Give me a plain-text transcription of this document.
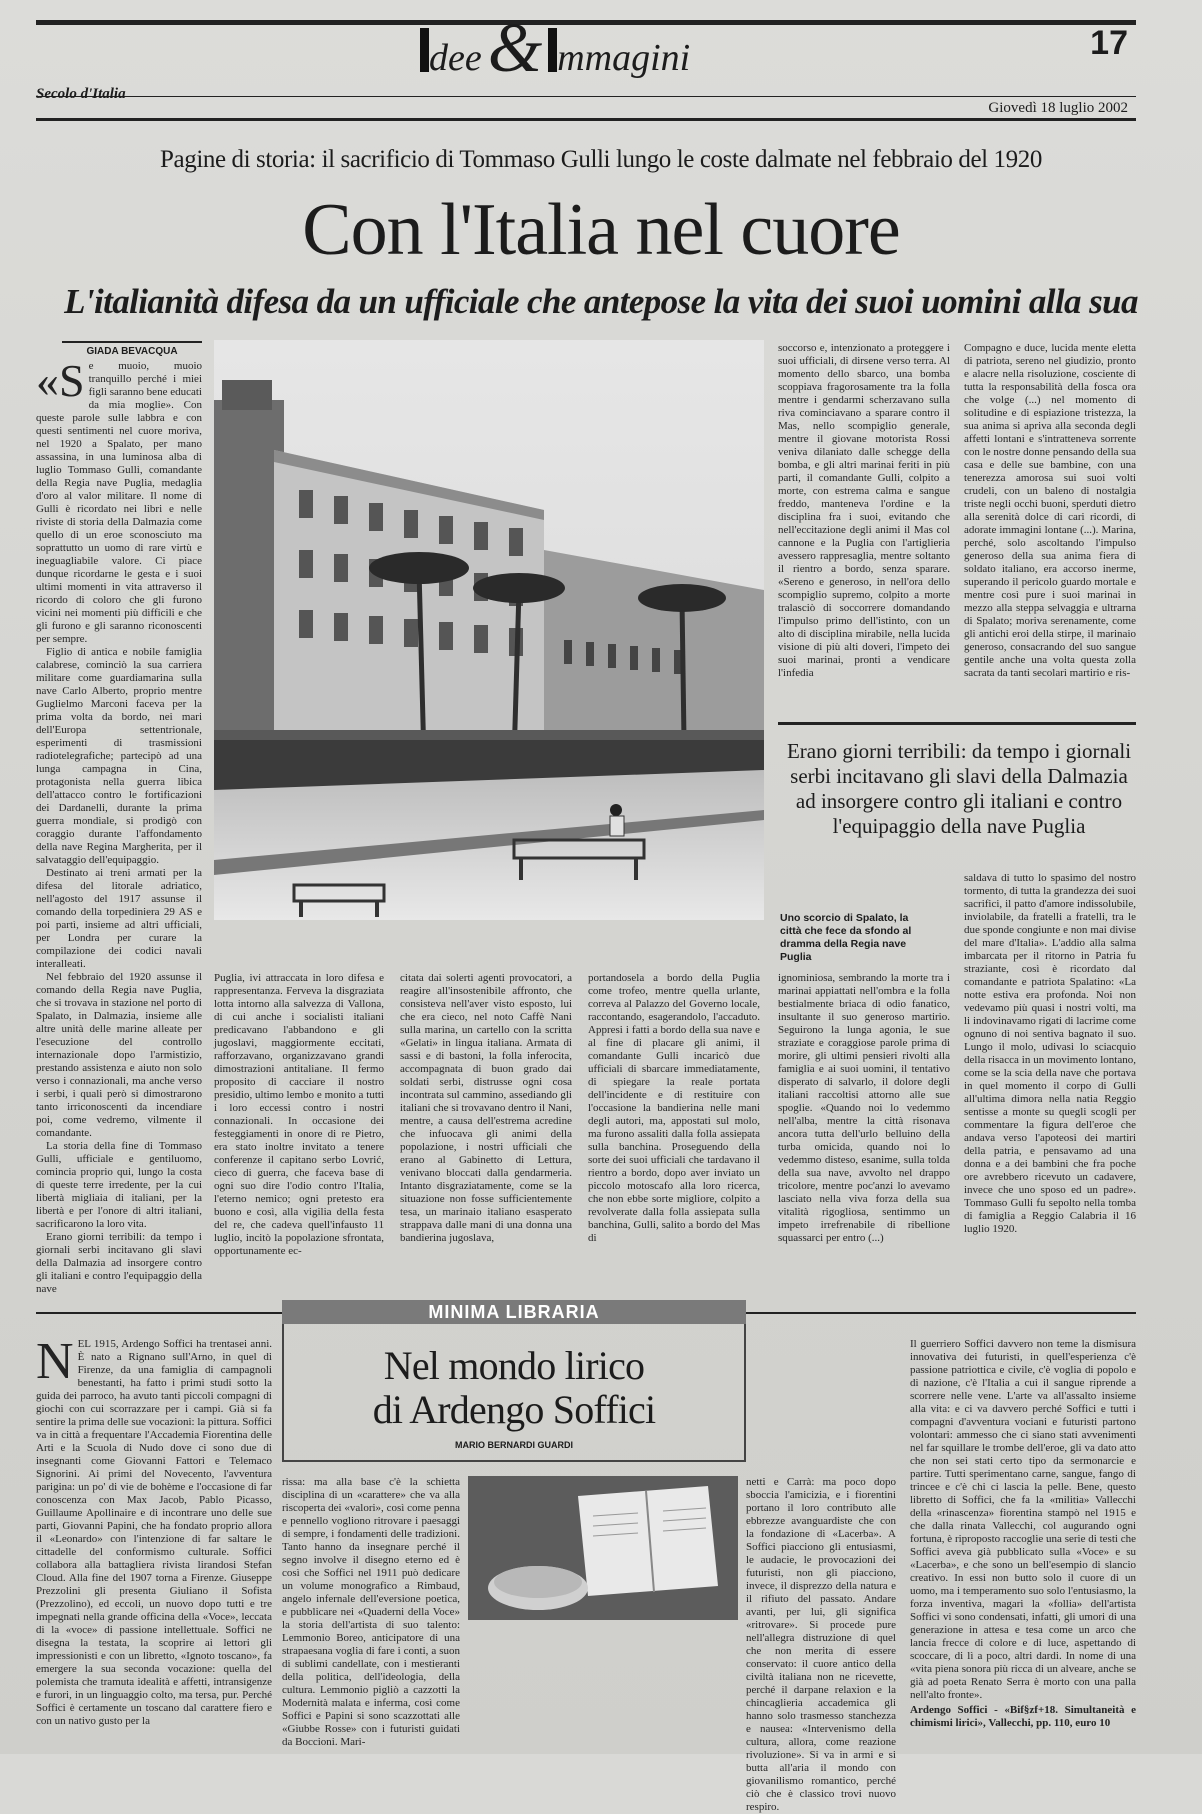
Secolo d'Italia
dee & mmagini	17
Giovedì 18 luglio 2002
Pagine di storia: il sacrificio di Tommaso Gulli lungo le coste dalmate nel febbraio del 1920
Con l'Italia nel cuore
L'italianità difesa da un ufficiale che antepose la vita dei suoi uomini alla sua
GIADA BEVACQUA
«S e muoio, muoio tranquillo perché i miei figli saranno bene educati da mia moglie». Con queste parole sulle labbra e con questi sentimenti nel cuore moriva, nel 1920 a Spalato, per mano assassina, in una luminosa alba di luglio Tommaso Gulli, comandante della Regia nave Puglia, medaglia d'oro al valor militare. Il nome di Gulli è ricordato nei libri e nelle riviste di storia della Dalmazia come quello di un eroe sconosciuto ma soprattutto un uomo di rare virtù e ineguagliabile valore. Ci piace dunque ricordarne le gesta e i suoi ultimi momenti in vita attraverso il ricordo di coloro che gli furono vicini nei momenti più difficili e che gli furono e gli saranno riconoscenti per sempre.

Figlio di antica e nobile famiglia calabrese, cominciò la sua carriera militare come guardiamarina sulla nave Carlo Alberto, proprio mentre Guglielmo Marconi faceva per la prima volta da bordo, nei mari dell'Europa settentrionale, esperimenti di trasmissioni radiotelegrafiche; partecipò ad una lunga campagna in Cina, protagonista nella guerra libica dell'attacco contro le fortificazioni dei Dardanelli, durante la prima guerra mondiale, si prodigò con coraggio durante l'affondamento della nave Regina Margherita, per il salvataggio dell'equipaggio.

Destinato ai treni armati per la difesa del litorale adriatico, nell'agosto del 1917 assunse il comando della torpediniera 29 AS e poi partì, insieme ad altri ufficiali, per Londra per curare la compilazione dei codici navali interalleati.

Nel febbraio del 1920 assunse il comando della Regia nave Puglia, che si trovava in stazione nel porto di Spalato, in Dalmazia, insieme alle altre unità delle marine alleate per l'esecuzione del controllo internazionale dopo l'armistizio, prestando assistenza e aiuto non solo verso i connazionali, ma anche verso i serbi, i quali però si dimostrarono tanto irriconoscenti da incendiare poi, come vedremo, vilmente il comandante.

La storia della fine di Tommaso Gulli, ufficiale e gentiluomo, comincia proprio qui, lungo la costa di queste terre irredente, per la cui libertà migliaia di italiani, per la libertà e per l'onore di altri italiani, sacrificarono la loro vita.

Erano giorni terribili: da tempo i giornali serbi incitavano gli slavi della Dalmazia ad insorgere contro gli italiani e contro l'equipaggio della nave

soccorso e, intenzionato a proteggere i suoi ufficiali, di dirsene verso terra. Al momento dello sbarco, una bomba scoppiava fragorosamente tra la folla mentre i gendarmi scherzavano sulla riva cominciavano a sparare contro il Mas, nello scompiglio generale, mentre il giovane motorista Rossi veniva dilaniato dalle schegge della bomba, e gli altri marinai feriti in più parti, il comandante Gulli, colpito a morte, con estrema calma e sangue freddo, manteneva l'ordine e la disciplina fra i suoi, evitando che nell'eccitazione degli animi il Mas col cannone e la Puglia con l'artiglieria avessero rappresaglia, mentre soltanto il rientro a bordo, senza sparare. «Sereno e generoso, in nell'ora dello scompiglio supremo, colpito a morte tralasciò di soccorrere domandando l'impulso primo dell'istinto, con un alto di disciplina mirabile, nella lucida visione di più alti doveri, l'impeto dei suoi marinai, pronti a vendicare l'infedia

Compagno e duce, lucida mente eletta di patriota, sereno nel giudizio, pronto e alacre nella risoluzione, cosciente di tutta la responsabilità della fosca ora che volge (...) nel momento di solitudine e di espiazione tristezza, la sua anima si apriva alla seconda degli affetti lontani e s'intratteneva sorrente con le nostre donne pensando della sua casa e delle sue bambine, con una tenerezza amorosa sui suoi volti crudeli, con un baleno di nostalgia triste negli occhi buoni, sperduti dietro alla serenità dolce di cari ricordi, di adorate immagini lontane (...). Marina, perché, solo ascoltando l'impulso generoso della sua anima fiera di soldato italiano, era accorso inerme, superando il pericolo guardo mortale e mentre così pure i suoi marinai in mezzo alla steppa selvaggia e ultrarna di Spalato; moriva serenamente, come gli antichi eroi della stirpe, il marinaio generoso, consacrando del suo sangue gentile anche una volta questa zolla sacrata da tanti secolari martirio e ris-

Erano giorni terribili: da tempo i giornali serbi incitavano gli slavi della Dalmazia ad insorgere contro gli italiani e contro l'equipaggio della nave Puglia
Uno scorcio di Spalato, la città che fece da sfondo al dramma della Regia nave Puglia

saldava di tutto lo spasimo del nostro tormento, di tutta la grandezza dei suoi sacrifici, il patto d'amore indissolubile, inviolabile, da fratelli a fratelli, tra le due sponde congiunte e non mai divise del mare d'Italia». L'addio alla salma imbarcata per il ritorno in Patria fu straziante, così è ricordato dal comandante e patriota Spalatino: «La notte estiva era profonda. Noi non vedevamo più quasi i nostri volti, ma li indovinavamo rigati di lacrime come ognuno di noi sentiva bagnato il suo. Lungo il molo, udivasi lo sciacquio della risacca in un movimento lontano, come se la scia della nave che portava in quel momento il corpo di Gulli all'ultima dimora nella natia Reggio sentisse a monte su quegli scogli per commentare la figura dell'eroe che andava verso l'apoteosi dei martiri della patria, e pensavamo ad una donna e a dei bambini che fra poche ore avrebbero ricevuto un cadavere, invece che uno sposo ed un padre». Tommaso Gulli fu sepolto nella tomba di famiglia a Reggio Calabria il 16 luglio 1920.

Puglia, ivi attraccata in loro difesa e rappresentanza. Ferveva la disgraziata lotta intorno alla salvezza di Vallona, di cui anche i socialisti italiani predicavano l'abbandono e gli jugoslavi, maggiormente eccitati, rafforzavano, organizzavano grandi dimostrazioni antitaliane. Il fermo proposito di cacciare il nostro presidio, ultimo lembo e monito a tutti i loro eccessi contro i nostri connazionali. In occasione dei festeggiamenti in onore di re Pietro, era stato inoltre invitato a tenere conferenze il capitano serbo Lovrić, cieco di guerra, che faceva base di ogni suo dire l'odio contro l'Italia, l'eterno nemico; ogni pretesto era buono e così, alla vigilia della festa del re, che cadeva quell'infausto 11 luglio, incitò la popolazione sfrontata, opportunamente ec-

citata dai solerti agenti provocatori, a reagire all'insostenibile affronto, che consisteva nell'aver visto esposto, lui che era cieco, nel noto Caffè Nani sulla marina, un cartello con la scritta «Gelati» in lingua italiana. Armata di sassi e di bastoni, la folla inferocita, accompagnata di buon grado dai soldati serbi, distrusse ogni cosa incontrata sul cammino, assediando gli italiani che si trovavano dentro il Nani, mentre, a causa dell'estrema acredine che infuocava gli animi della popolazione, i nostri ufficiali che erano al Gabinetto di Lettura, venivano bloccati dalla gendarmeria. Intanto disgraziatamente, come se la situazione non fosse sufficientemente tesa, un marinaio italiano esasperato strappava dalle mani di una donna una bandierina jugoslava,

portandosela a bordo della Puglia come trofeo, mentre quella urlante, correva al Palazzo del Governo locale, raccontando, esagerandolo, l'accaduto. Appresi i fatti a bordo della sua nave e al fine di placare gli animi, il comandante Gulli incaricò due ufficiali di sbarcare immediatamente, di spiegare la reale portata dell'incidente e di restituire con l'occasione la bandierina nelle mani degli autori, ma, appostati sul molo, ma furono assaliti dalla folla assiepata sulla banchina. Proseguendo della sorte dei suoi ufficiali che tardavano il rientro a bordo, dopo aver inviato un piccolo motoscafo alla loro ricerca, che non ebbe sorte migliore, colpito a revolverate dalla folla assiepata sulla banchina, Gulli, salito a bordo del Mas di

ignominiosa, sembrando la morte tra i marinai appiattati nell'ombra e la folla bestialmente briaca di odio fanatico, insultante il suo generoso martirio. Seguirono la lunga agonia, le sue straziate e coraggiose parole prima di morire, gli ultimi pensieri rivolti alla famiglia e ai suoi uomini, il tentativo disperato di salvarlo, il dolore degli italiani raccoltisi attorno alle sue spoglie. «Quando noi lo vedemmo nell'alba, mentre la città risonava ancora tutta dell'urlo belluino della turba omicida, quando noi lo vedemmo disteso, esanime, sulla tolda della sua nave, avvolto nel drappo tricolore, mentre poc'anzi lo avevamo lasciato nella viva forza della sua vitalità rigogliosa, sentimmo un impeto irrefrenabile di ribellione squassarci per entro (...)

MINIMA LIBRARIA
Nel mondo lirico
di Ardengo Soffici
MARIO BERNARDI GUARDI
N EL 1915, Ardengo Soffici ha trentasei anni. È nato a Rignano sull'Arno, in quel di Firenze, da una famiglia di campagnoli benestanti, ha fatto i primi studi sotto la guida dei parroco, ha avuto tanti piccoli compagni di giochi con cui scorrazzare per i campi. Già si fa sentire la prima delle sue vocazioni: la pittura. Soffici va in città a frequentare l'Accademia Fiorentina delle Arti e la Scuola di Nudo dove ci sono due di insegnanti come Giovanni Fattori e Telemaco Signorini. Ai primi del Novecento, l'avventura parigina: un po' di vie de bohème e l'occasione di far conoscenza con Max Jacob, Pablo Picasso, Guillaume Apollinaire e di incontrare uno delle sue parti, Giovanni Papini, che ha fondato proprio allora il «Leonardo» con l'intenzione di far saltare le cittadelle del conformismo culturale. Soffici collabora alla battagliera rivista lirandosi Stefan Cloud. Alla fine del 1907 torna a Firenze. Giuseppe Prezzolini gli presenta Giuliano il Sofista (Prezzolino), ed eccoli, un nuovo dopo tutti e tre impegnati nella grande officina della «Voce», leccata di la «voce» di passione intellettuale. Soffici ne disegna la testata, la scoprire ai lettori gli impressionisti e con un libretto, «Ignoto toscano», fa emergere la sua seconda vocazione: quella del polemista che tramuta idealità e affetti, intransigenze e furori, in un linguaggio colto, ma tersa, pur. Perché Soffici è certamente un toscano dal carattere fiero e con un nativo gusto per la

rissa: ma alla base c'è la schietta disciplina di un «carattere» che va alla riscoperta dei «valori», così come penna e pennello vogliono ritrovare i paesaggi di sempre, i fondamenti delle tradizioni. Tanto hanno da insegnare perché il segno involve il disegno eterno ed è così che Soffici nel 1911 può dedicare un volume monografico a Rimbaud, angelo infernale dell'eversione poetica, e pubblicare nei «Quaderni della Voce» la storia dell'artista di suo talento: Lemmonio Boreo, anticipatore di una strapaesana voglia di fare i conti, a suon di sublimi candellate, con i mestieranti della politica, dell'ideologia, della cultura. Lemmonio pigliò a cazzotti la Modernità malata e inferma, così come Soffici e Papini si sono scazzottati alle «Giubbe Rosse» con i futuristi guidati da Boccioni. Mari-

netti e Carrà: ma poco dopo sboccia l'amicizia, e i fiorentini portano il loro contributo alle ebbrezze avanguardiste che con la fondazione di «Lacerba». A Soffici piacciono gli entusiasmi, le audacie, le provocazioni dei futuristi, non gli piacciono, invece, il disprezzo della natura e il rifiuto del passato. Andare avanti, per lui, gli significa «ritrovare». Si procede pure nell'allegra distruzione di quel che non merita di essere conservato: il cuore antico della civiltà italiana non ne ricevette, perché il darpane relaxion e la chincaglieria accademica gli hanno solo trasmesso stanchezza e nausea: «Intervenismo della cultura, allora, come reazione rivoluzione». Si va in armi e si butta all'aria il mondo con giovanilismo romantico, perché ciò che è classico trovi nuovo respiro.

Il guerriero Soffici davvero non teme la dismisura innovativa dei futuristi, in quell'esperienza c'è passione patriottica e civile, c'è voglia di popolo e di nazione, c'è l'Italia a cui il sangue riprende a scorrere nelle vene. L'arte va all'assalto insieme alla vita: e ci va davvero perché Soffici e tutti i compagni d'avventura vociani e futuristi partono volontari: ammesso che ci siano stati avvenimenti nel far squillare le trombe dell'eroe, gli va dato atto che non sei stati certo tipo da sermonarcie e partire. Tutti sperimentano carne, sangue, fango di trincee e c'è chi ci lascia la pelle. Bene, questo libretto di Soffici, che fa la «militia» Vallecchi della «rinascenza» fiorentina stampò nel 1915 e che dalla rinata Vallecchi, col augurando ogni fortuna, è riproposto raccoglie una serie di testi che Soffici aveva già pubblicato sulla «Voce» e su «Lacerba», e che sono un bell'esempio di slancio creativo. In essi non butto solo il cuore di un uomo, ma i temperamento suo solo l'entusiasmo, la forza inventiva, magari la «follia» dell'artista Soffici vi sono condensati, infatti, gli umori di una generazione in attesa e tesa come un arco che lancia frecce di colore e di luce, aspettando di scoccare, di lì a poco, altri dardi. In nome di una «vita piena sonora più ricca di un alveare, anche se già ad poeta Renato Serra è morto con una palla nell'alto fronte».

Ardengo Soffici - «Bif§zf+18. Simultaneità e chimismi lirici», Vallecchi, pp. 110, euro 10
